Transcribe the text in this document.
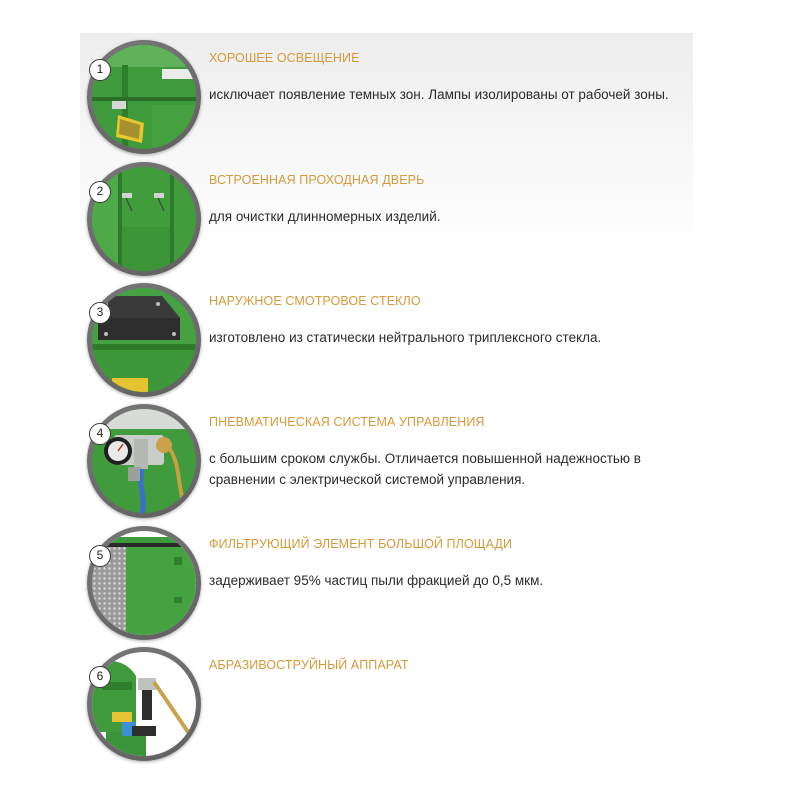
1
ХОРОШЕЕ ОСВЕЩЕНИЕ
исключает появление темных зон. Лампы изолированы от рабочей зоны.
2
ВСТРОЕННАЯ ПРОХОДНАЯ ДВЕРЬ
для очистки длинномерных изделий.
3
НАРУЖНОЕ СМОТРОВОЕ СТЕКЛО
изготовлено из статически нейтрального триплексного стекла.
4
ПНЕВМАТИЧЕСКАЯ СИСТЕМА УПРАВЛЕНИЯ
с большим сроком службы. Отличается повышенной надежностью в сравнении с электрической системой управления.
5
ФИЛЬТРУЮЩИЙ ЭЛЕМЕНТ БОЛЬШОЙ ПЛОЩАДИ
задерживает 95% частиц пыли фракцией до 0,5 мкм.
6
АБРАЗИВОСТРУЙНЫЙ АППАРАТ
